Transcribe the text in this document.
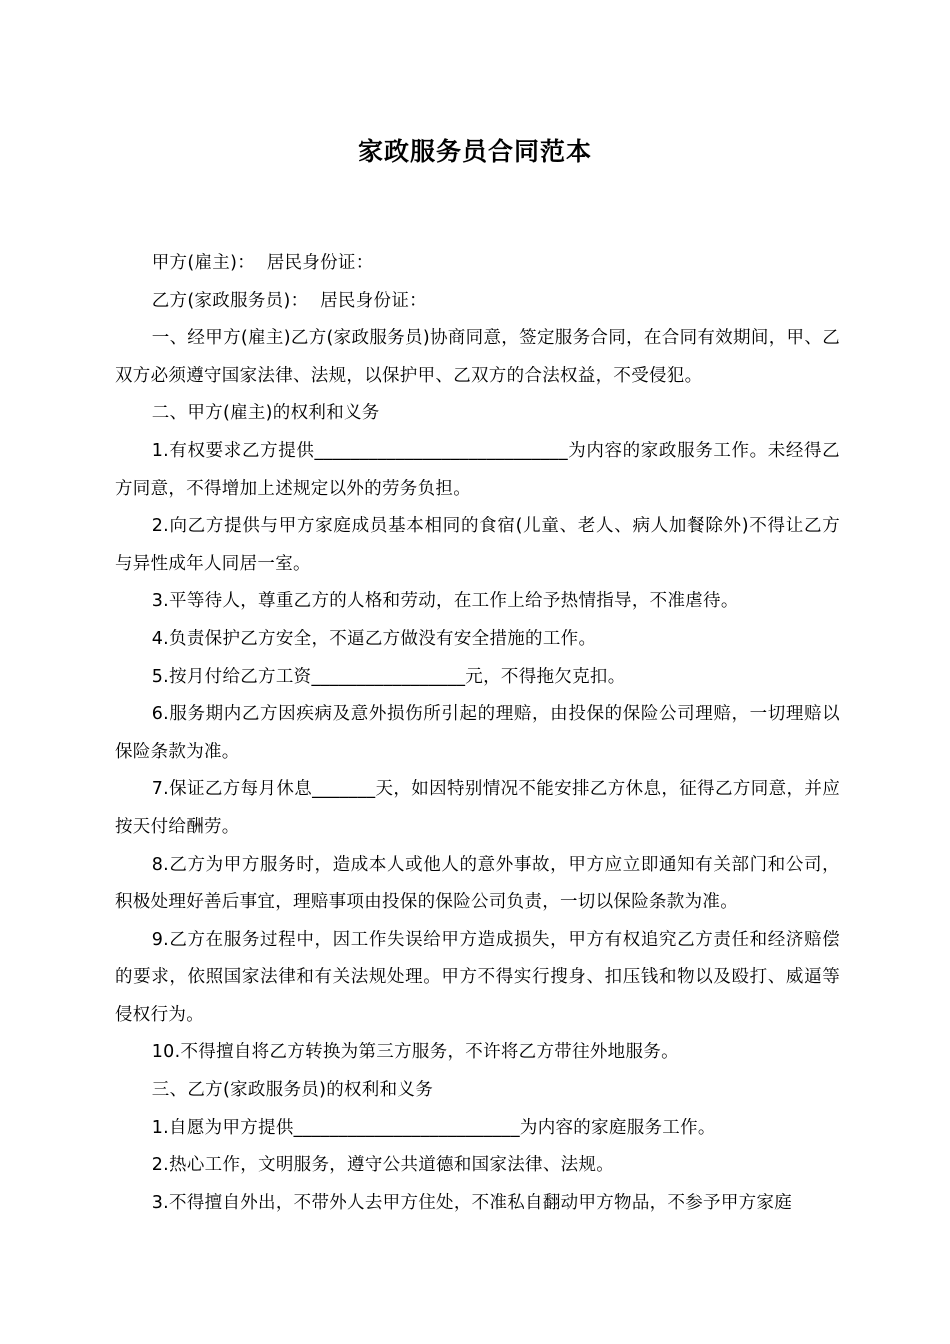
家政服务员合同范本

甲方(雇主)：  居民身份证：

乙方(家政服务员)：  居民身份证：

一、经甲方(雇主)乙方(家政服务员)协商同意，签定服务合同，在合同有效期间，甲、乙双方必须遵守国家法律、法规，以保护甲、乙双方的合法权益，不受侵犯。

二、甲方(雇主)的权利和义务

1.有权要求乙方提供____________________________为内容的家政服务工作。未经得乙方同意，不得增加上述规定以外的劳务负担。

2.向乙方提供与甲方家庭成员基本相同的食宿(儿童、老人、病人加餐除外)不得让乙方与异性成年人同居一室。

3.平等待人，尊重乙方的人格和劳动，在工作上给予热情指导，不准虐待。

4.负责保护乙方安全，不逼乙方做没有安全措施的工作。

5.按月付给乙方工资_________________元，不得拖欠克扣。

6.服务期内乙方因疾病及意外损伤所引起的理赔，由投保的保险公司理赔，一切理赔以保险条款为准。

7.保证乙方每月休息_______天，如因特别情况不能安排乙方休息，征得乙方同意，并应按天付给酬劳。

8.乙方为甲方服务时，造成本人或他人的意外事故，甲方应立即通知有关部门和公司，积极处理好善后事宜，理赔事项由投保的保险公司负责，一切以保险条款为准。

9.乙方在服务过程中，因工作失误给甲方造成损失，甲方有权追究乙方责任和经济赔偿的要求，依照国家法律和有关法规处理。甲方不得实行搜身、扣压钱和物以及殴打、威逼等侵权行为。

10.不得擅自将乙方转换为第三方服务，不许将乙方带往外地服务。

三、乙方(家政服务员)的权利和义务

1.自愿为甲方提供_________________________为内容的家庭服务工作。

2.热心工作，文明服务，遵守公共道德和国家法律、法规。

3.不得擅自外出，不带外人去甲方住处，不准私自翻动甲方物品，不参予甲方家庭
